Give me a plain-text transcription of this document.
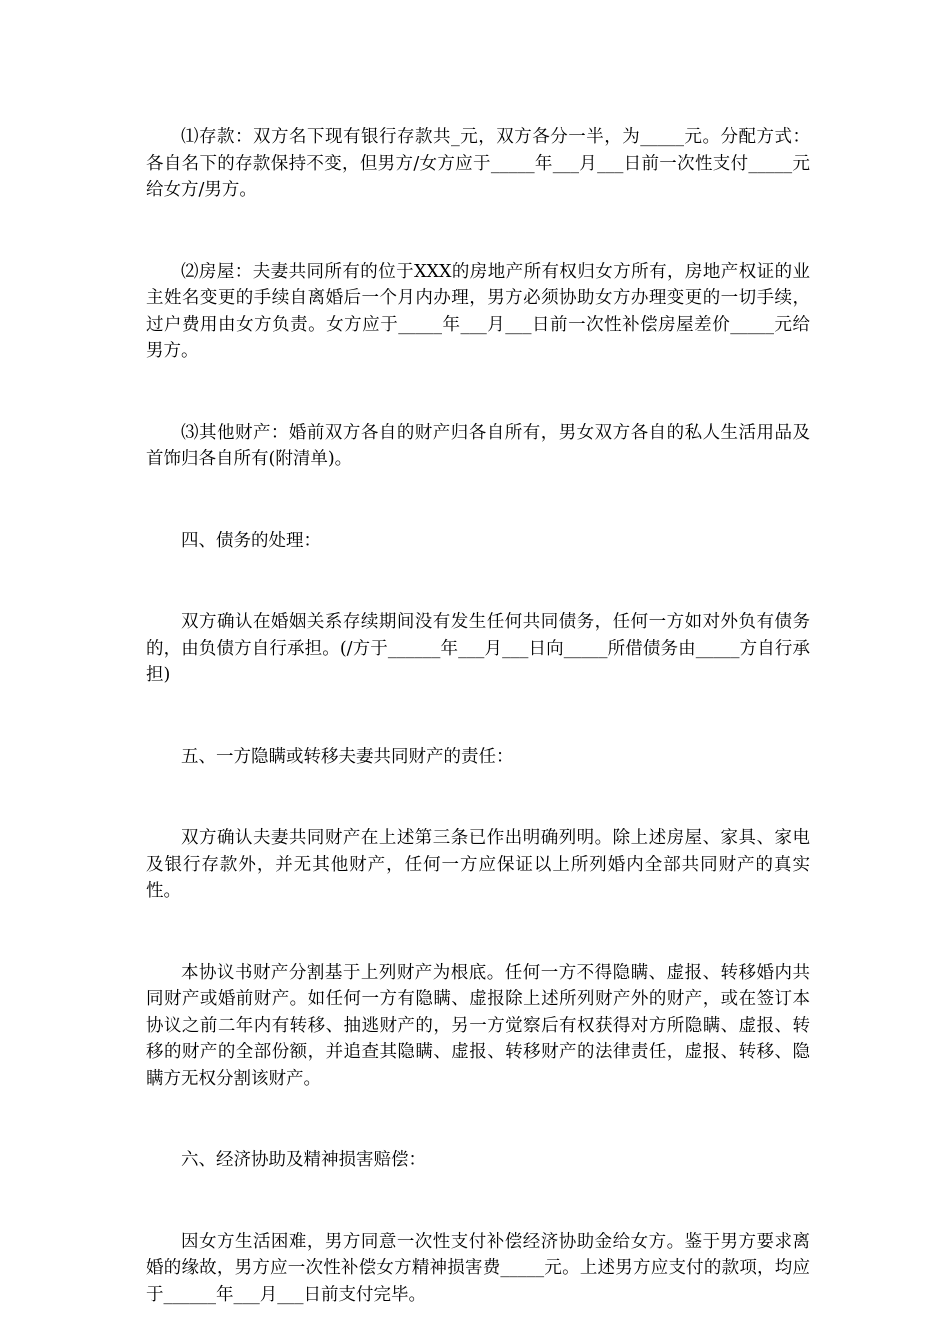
⑴存款：双方名下现有银行存款共_元，双方各分一半，为_____元。分配方式：各自名下的存款保持不变，但男方/女方应于_____年___月___日前一次性支付_____元给女方/男方。

⑵房屋：夫妻共同所有的位于XXX的房地产所有权归女方所有，房地产权证的业主姓名变更的手续自离婚后一个月内办理，男方必须协助女方办理变更的一切手续，过户费用由女方负责。女方应于_____年___月___日前一次性补偿房屋差价_____元给男方。

⑶其他财产：婚前双方各自的财产归各自所有，男女双方各自的私人生活用品及首饰归各自所有(附清单)。

四、债务的处理：

双方确认在婚姻关系存续期间没有发生任何共同债务，任何一方如对外负有债务的，由负债方自行承担。(/方于______年___月___日向_____所借债务由_____方自行承担)

五、一方隐瞒或转移夫妻共同财产的责任：

双方确认夫妻共同财产在上述第三条已作出明确列明。除上述房屋、家具、家电及银行存款外，并无其他财产，任何一方应保证以上所列婚内全部共同财产的真实性。

本协议书财产分割基于上列财产为根底。任何一方不得隐瞒、虚报、转移婚内共同财产或婚前财产。如任何一方有隐瞒、虚报除上述所列财产外的财产，或在签订本协议之前二年内有转移、抽逃财产的，另一方觉察后有权获得对方所隐瞒、虚报、转移的财产的全部份额，并追查其隐瞒、虚报、转移财产的法律责任，虚报、转移、隐瞒方无权分割该财产。

六、经济协助及精神损害赔偿：

因女方生活困难，男方同意一次性支付补偿经济协助金给女方。鉴于男方要求离婚的缘故，男方应一次性补偿女方精神损害费_____元。上述男方应支付的款项，均应于______年___月___日前支付完毕。
